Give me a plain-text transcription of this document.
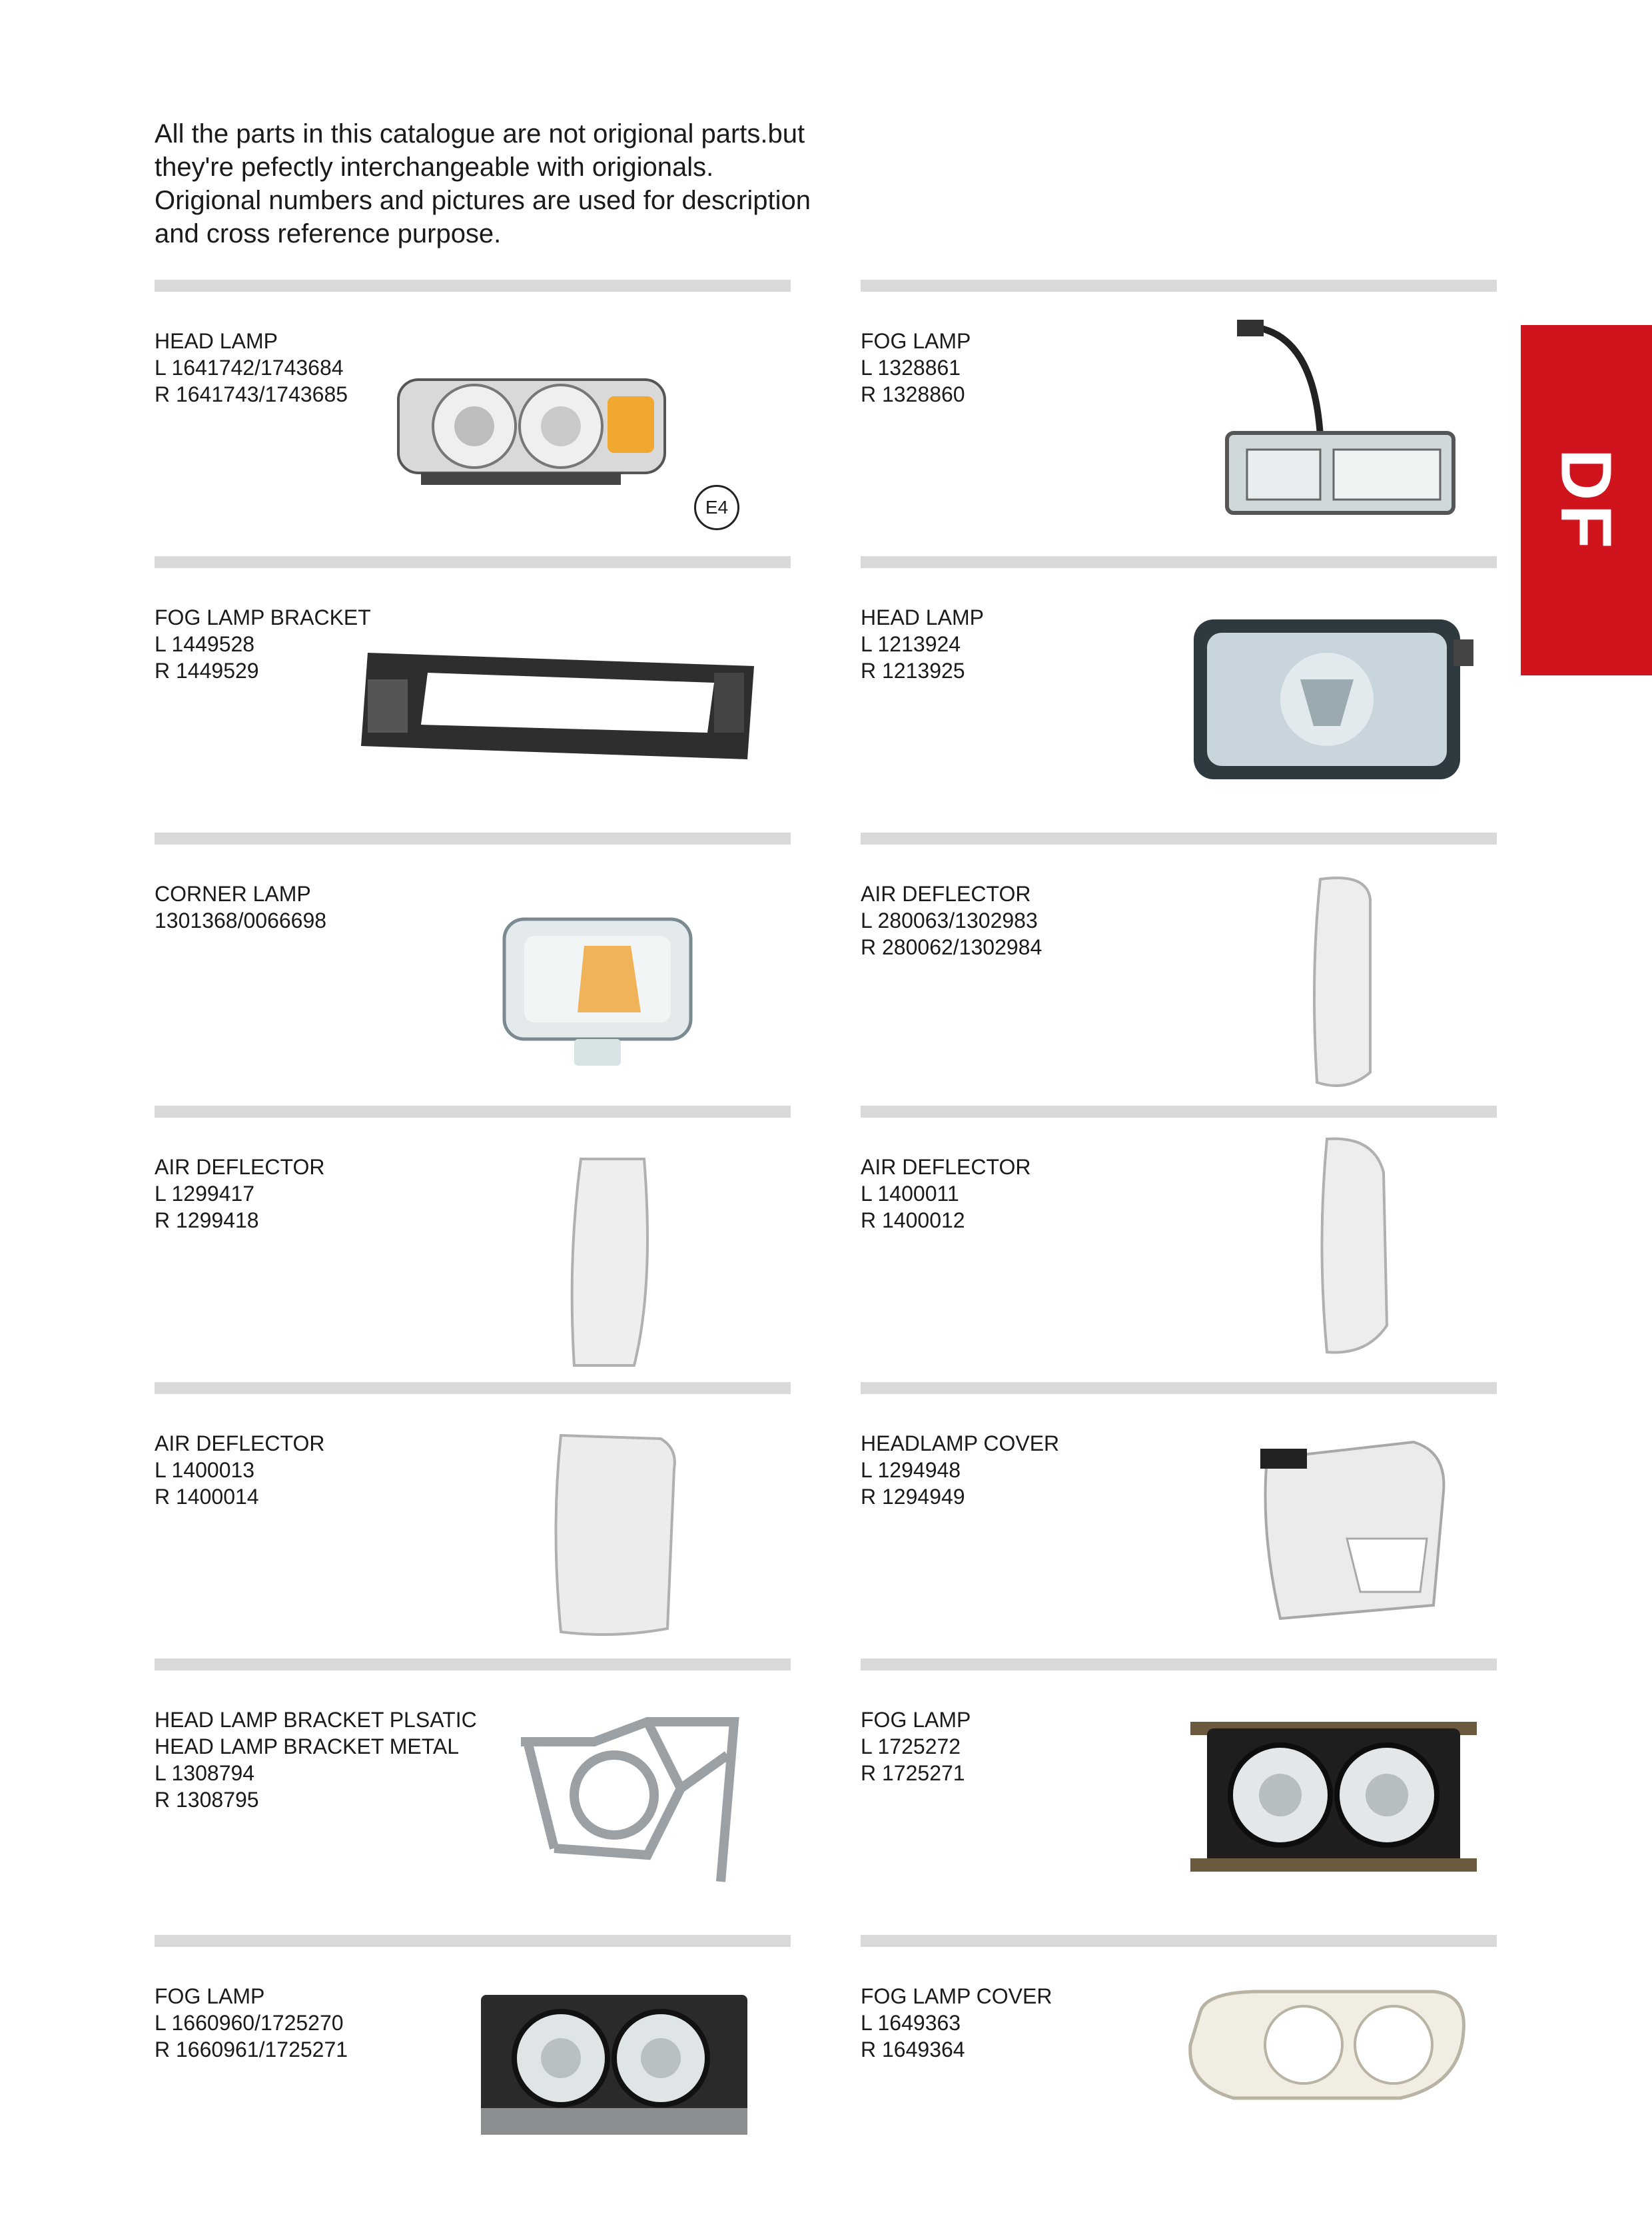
All the parts in this catalogue are not origional parts.but
they're pefectly interchangeable with origionals.
Origional numbers and pictures are used for description
and cross reference purpose.
DF
HEAD LAMP
L 1641742/1743684
R 1641743/1743685
E4
FOG LAMP BRACKET
L 1449528
R 1449529
CORNER LAMP
1301368/0066698
AIR DEFLECTOR
L 1299417
R 1299418
AIR DEFLECTOR
L 1400013
R 1400014
HEAD LAMP BRACKET PLSATIC
HEAD LAMP BRACKET METAL
L 1308794
R 1308795
FOG LAMP
L 1660960/1725270
R 1660961/1725271
FOG LAMP
L 1328861
R 1328860
HEAD LAMP
L 1213924
R 1213925
AIR DEFLECTOR
L 280063/1302983
R 280062/1302984
AIR DEFLECTOR
L 1400011
R 1400012
HEADLAMP COVER
L 1294948
R 1294949
FOG LAMP
L 1725272
R 1725271
FOG LAMP COVER
L 1649363
R 1649364
